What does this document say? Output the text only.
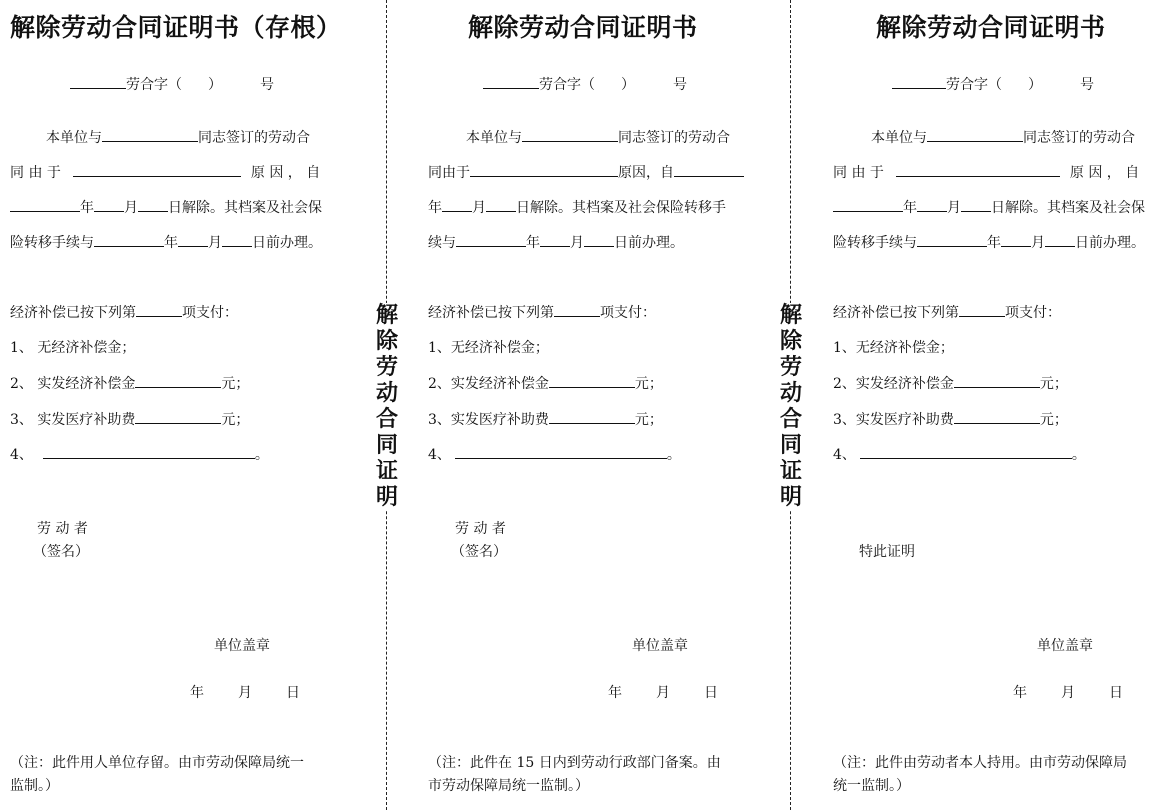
解除劳动合同证明书（存根）
劳合字（ ）	号
本单位与	同志签订的劳动合
同 由 于	原 因 ， 自
年 月 日解除。其档案及社会保
险转移手续与	年 月 日前办理。
经济补偿已按下列第	项支付：
1、 无经济补偿金；
2、 实发经济补偿金	元；
3、 实发医疗补助费	元；
4、	。
劳 动 者
（签名）
单位盖章
年 月 日
（注：此件用人单位存留。由市劳动保障局统一
监制。）
解除劳动合同证明书
劳合字（ ）	号
本单位与	同志签订的劳动合
同由于	原因，自
年 月 日解除。其档案及社会保险转移手
续与	年 月 日前办理。
经济补偿已按下列第	项支付：
1、无经济补偿金；
2、实发经济补偿金	元；
3、实发医疗补助费	元；
4、	。
劳 动 者
（签名）
单位盖章
年 月 日
（注：此件在 15 日内到劳动行政部门备案。由
市劳动保障局统一监制。）
解除劳动合同证明书
劳合字（ ）	号
本单位与	同志签订的劳动合
同 由 于	原 因 ， 自
年 月 日解除。其档案及社会保
险转移手续与	年 月 日前办理。
经济补偿已按下列第	项支付：
1、无经济补偿金；
2、实发经济补偿金	元；
3、实发医疗补助费	元；
4、	。
特此证明
单位盖章
年 月 日
（注：此件由劳动者本人持用。由市劳动保障局
统一监制。）
解
除
劳
动
合
同
证
明
解
除
劳
动
合
同
证
明
